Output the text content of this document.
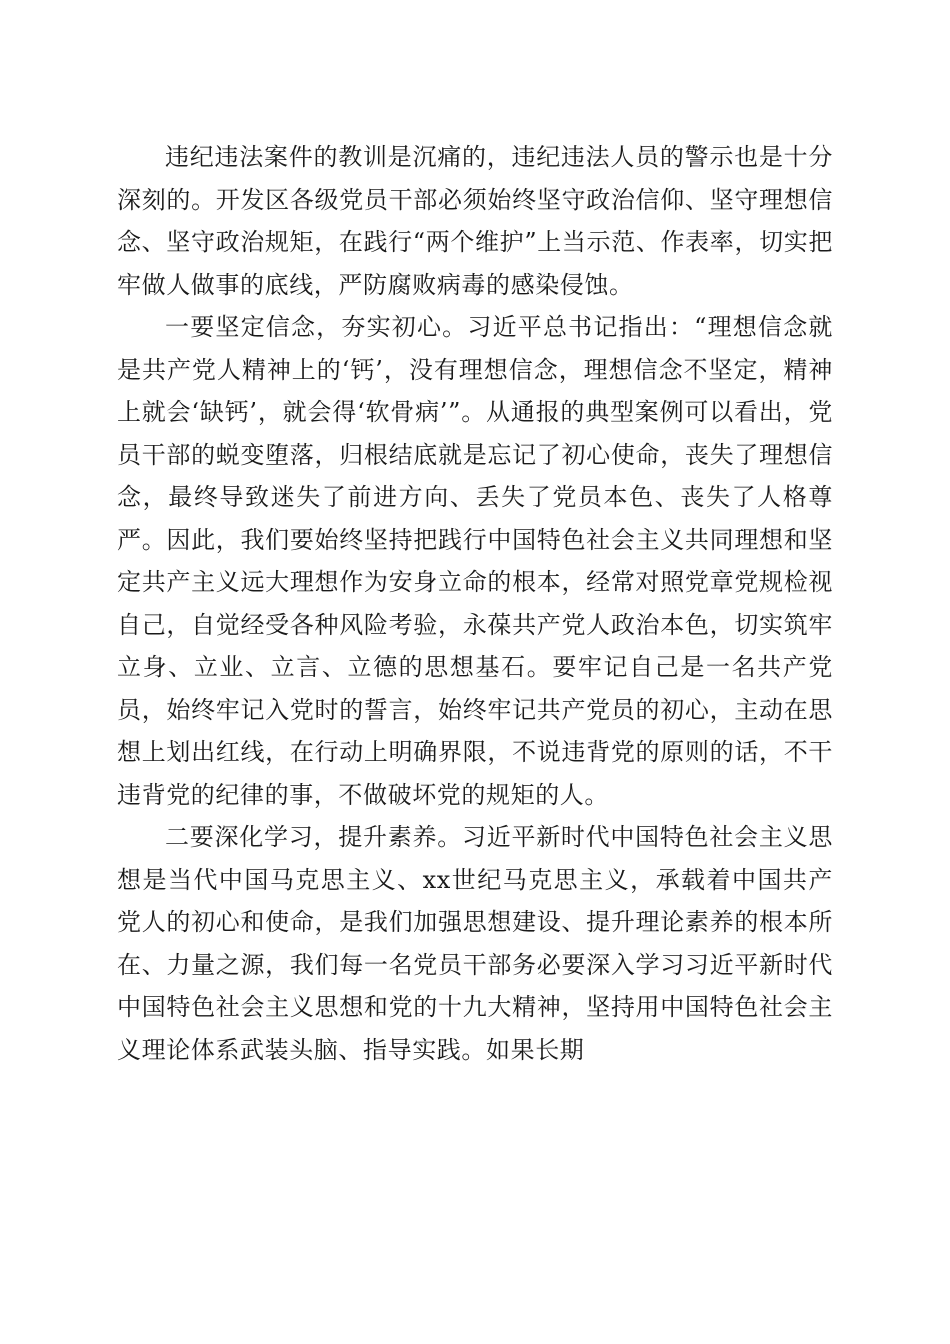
违纪违法案件的教训是沉痛的，违纪违法人员的警示也是十分深刻的。开发区各级党员干部必须始终坚守政治信仰、坚守理想信念、坚守政治规矩，在践行“两个维护”上当示范、作表率，切实把牢做人做事的底线，严防腐败病毒的感染侵蚀。

一要坚定信念，夯实初心。习近平总书记指出：“理想信念就是共产党人精神上的‘钙’，没有理想信念，理想信念不坚定，精神上就会‘缺钙’，就会得‘软骨病’”。从通报的典型案例可以看出，党员干部的蜕变堕落，归根结底就是忘记了初心使命，丧失了理想信念，最终导致迷失了前进方向、丢失了党员本色、丧失了人格尊严。因此，我们要始终坚持把践行中国特色社会主义共同理想和坚定共产主义远大理想作为安身立命的根本，经常对照党章党规检视自己，自觉经受各种风险考验，永葆共产党人政治本色，切实筑牢立身、立业、立言、立德的思想基石。要牢记自己是一名共产党员，始终牢记入党时的誓言，始终牢记共产党员的初心，主动在思想上划出红线，在行动上明确界限，不说违背党的原则的话，不干违背党的纪律的事，不做破坏党的规矩的人。

二要深化学习，提升素养。习近平新时代中国特色社会主义思想是当代中国马克思主义、xx世纪马克思主义，承载着中国共产党人的初心和使命，是我们加强思想建设、提升理论素养的根本所在、力量之源，我们每一名党员干部务必要深入学习习近平新时代中国特色社会主义思想和党的十九大精神，坚持用中国特色社会主义理论体系武装头脑、指导实践。如果长期
